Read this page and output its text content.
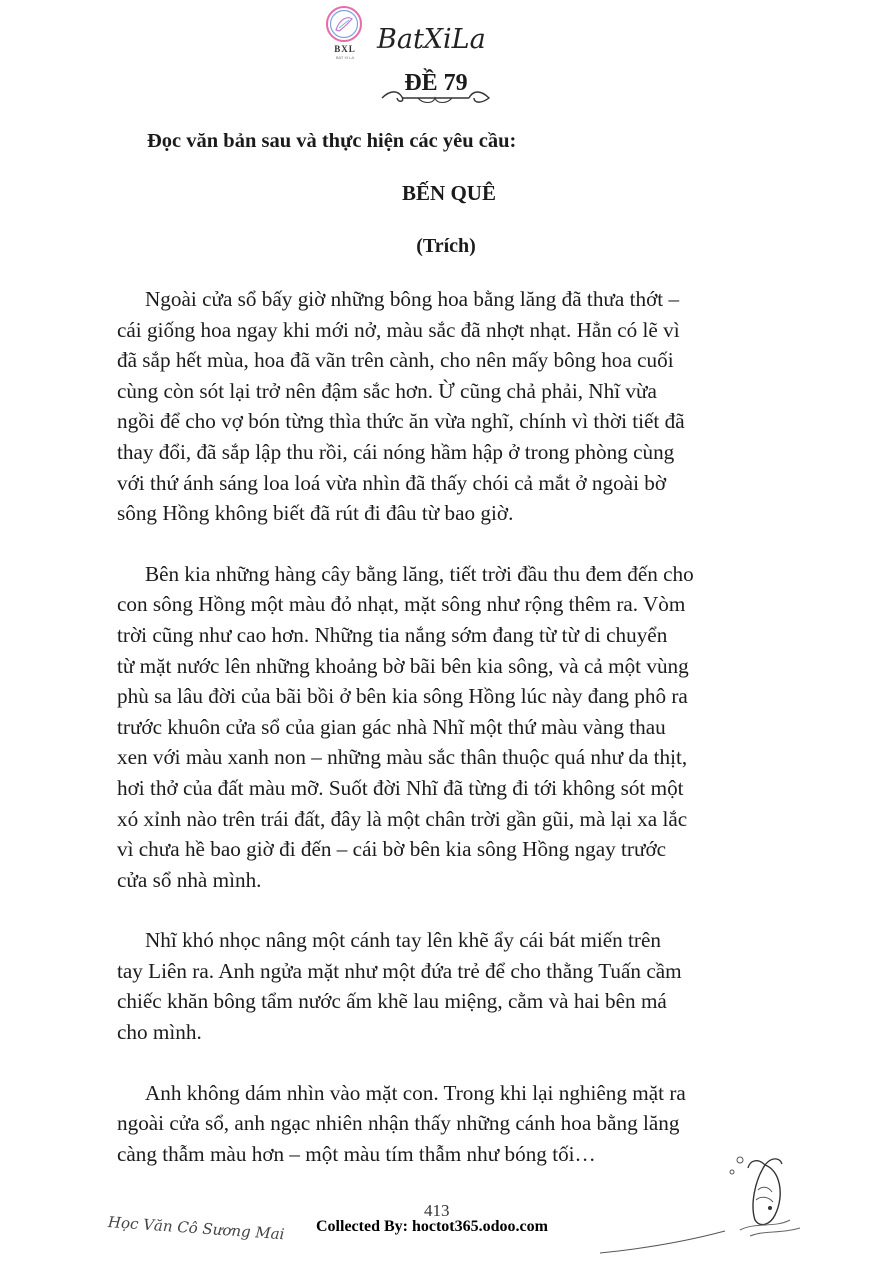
BXL
BAT XI LA
BatXiLa
ĐỀ 79
Đọc văn bản sau và thực hiện các yêu cầu:
BẾN QUÊ
(Trích)
Ngoài cửa sổ bấy giờ những bông hoa bằng lăng đã thưa thớt –
cái giống hoa ngay khi mới nở, màu sắc đã nhợt nhạt. Hẳn có lẽ vì
đã sắp hết mùa, hoa đã vãn trên cành, cho nên mấy bông hoa cuối
cùng còn sót lại trở nên đậm sắc hơn. Ừ cũng chả phải, Nhĩ vừa
ngồi để cho vợ bón từng thìa thức ăn vừa nghĩ, chính vì thời tiết đã
thay đổi, đã sắp lập thu rồi, cái nóng hầm hập ở trong phòng cùng
với thứ ánh sáng loa loá vừa nhìn đã thấy chói cả mắt ở ngoài bờ
sông Hồng không biết đã rút đi đâu từ bao giờ.
Bên kia những hàng cây bằng lăng, tiết trời đầu thu đem đến cho
con sông Hồng một màu đỏ nhạt, mặt sông như rộng thêm ra. Vòm
trời cũng như cao hơn. Những tia nắng sớm đang từ từ di chuyển
từ mặt nước lên những khoảng bờ bãi bên kia sông, và cả một vùng
phù sa lâu đời của bãi bồi ở bên kia sông Hồng lúc này đang phô ra
trước khuôn cửa sổ của gian gác nhà Nhĩ một thứ màu vàng thau
xen với màu xanh non – những màu sắc thân thuộc quá như da thịt,
hơi thở của đất màu mỡ. Suốt đời Nhĩ đã từng đi tới không sót một
xó xỉnh nào trên trái đất, đây là một chân trời gần gũi, mà lại xa lắc
vì chưa hề bao giờ đi đến – cái bờ bên kia sông Hồng ngay trước
cửa sổ nhà mình.
Nhĩ khó nhọc nâng một cánh tay lên khẽ ẩy cái bát miến trên
tay Liên ra. Anh ngửa mặt như một đứa trẻ để cho thằng Tuấn cầm
chiếc khăn bông tẩm nước ấm khẽ lau miệng, cằm và hai bên má
cho mình.
Anh không dám nhìn vào mặt con. Trong khi lại nghiêng mặt ra
ngoài cửa sổ, anh ngạc nhiên nhận thấy những cánh hoa bằng lăng
càng thẫm màu hơn – một màu tím thẫm như bóng tối…
Học Văn Cô Sương Mai
413
Collected By: hoctot365.odoo.com
